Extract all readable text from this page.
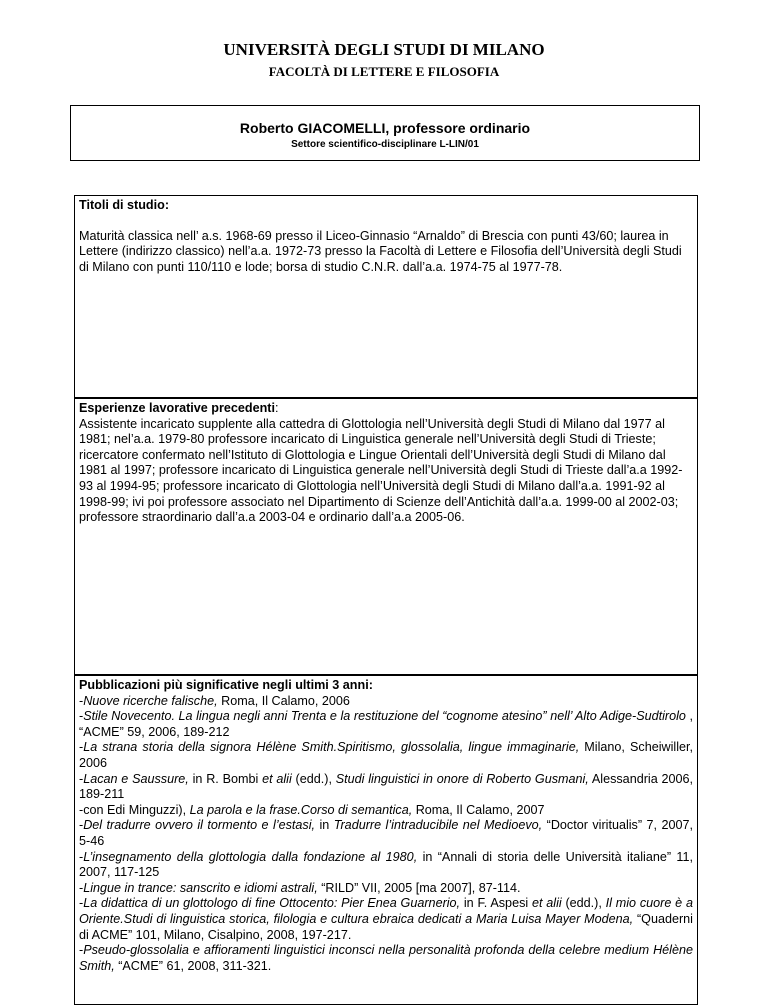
UNIVERSITÀ DEGLI STUDI DI MILANO
FACOLTÀ DI LETTERE E FILOSOFIA
Roberto GIACOMELLI, professore ordinario
Settore scientifico-disciplinare L-LIN/01
Titoli di studio:
Maturità classica nell’ a.s. 1968-69 presso il Liceo-Ginnasio “Arnaldo” di Brescia con punti 43/60; laurea in Lettere (indirizzo classico) nell’a.a. 1972-73 presso la Facoltà di Lettere e Filosofia dell’Università degli Studi di Milano con punti 110/110 e lode; borsa di studio C.N.R. dall’a.a. 1974-75 al 1977-78.
Esperienze lavorative precedenti:
Assistente incaricato supplente alla cattedra di Glottologia nell’Università degli Studi di Milano dal 1977 al 1981; nel’a.a. 1979-80 professore incaricato di Linguistica generale nell’Università degli Studi di Trieste; ricercatore confermato nell’Istituto di Glottologia e Lingue Orientali dell’Università degli Studi di Milano dal 1981 al 1997; professore incaricato di Linguistica generale nell’Università degli Studi di Trieste dall’a.a 1992-93 al 1994-95; professore incaricato di Glottologia nell’Università degli Studi di Milano dall’a.a. 1991-92 al 1998-99; ivi poi professore associato nel Dipartimento di Scienze dell’Antichità dall’a.a. 1999-00 al 2002-03; professore straordinario dall’a.a 2003-04 e ordinario dall’a.a 2005-06.
Pubblicazioni più significative negli ultimi 3 anni:
-Nuove ricerche falische, Roma, Il Calamo, 2006
-Stile Novecento. La lingua negli anni Trenta e la restituzione del “cognome atesino” nell’ Alto Adige-Sudtirolo , “ACME” 59, 2006, 189-212
-La strana storia della signora Hélène Smith.Spiritismo, glossolalia, lingue immaginarie, Milano, Scheiwiller, 2006
-Lacan e Saussure, in R. Bombi et alii (edd.), Studi linguistici in onore di Roberto Gusmani, Alessandria 2006, 189-211
-con Edi Minguzzi), La parola e la frase.Corso di semantica, Roma, Il Calamo, 2007
-Del tradurre ovvero il tormento e l’estasi, in Tradurre l’intraducibile nel Medioevo, “Doctor viritualis” 7, 2007, 5-46
-L’insegnamento della glottologia dalla fondazione al 1980, in “Annali di storia delle Università italiane” 11, 2007, 117-125
-Lingue in trance: sanscrito e idiomi astrali, “RILD” VII, 2005 [ma 2007], 87-114.
-La didattica di un glottologo di fine Ottocento: Pier Enea Guarnerio, in F. Aspesi et alii (edd.), Il mio cuore è a Oriente.Studi di linguistica storica, filologia e cultura ebraica dedicati a Maria Luisa Mayer Modena, “Quaderni di ACME” 101, Milano, Cisalpino, 2008, 197-217.
-Pseudo-glossolalia e affioramenti linguistici inconsci nella personalità profonda della celebre medium Hélène Smith, “ACME” 61, 2008, 311-321.
